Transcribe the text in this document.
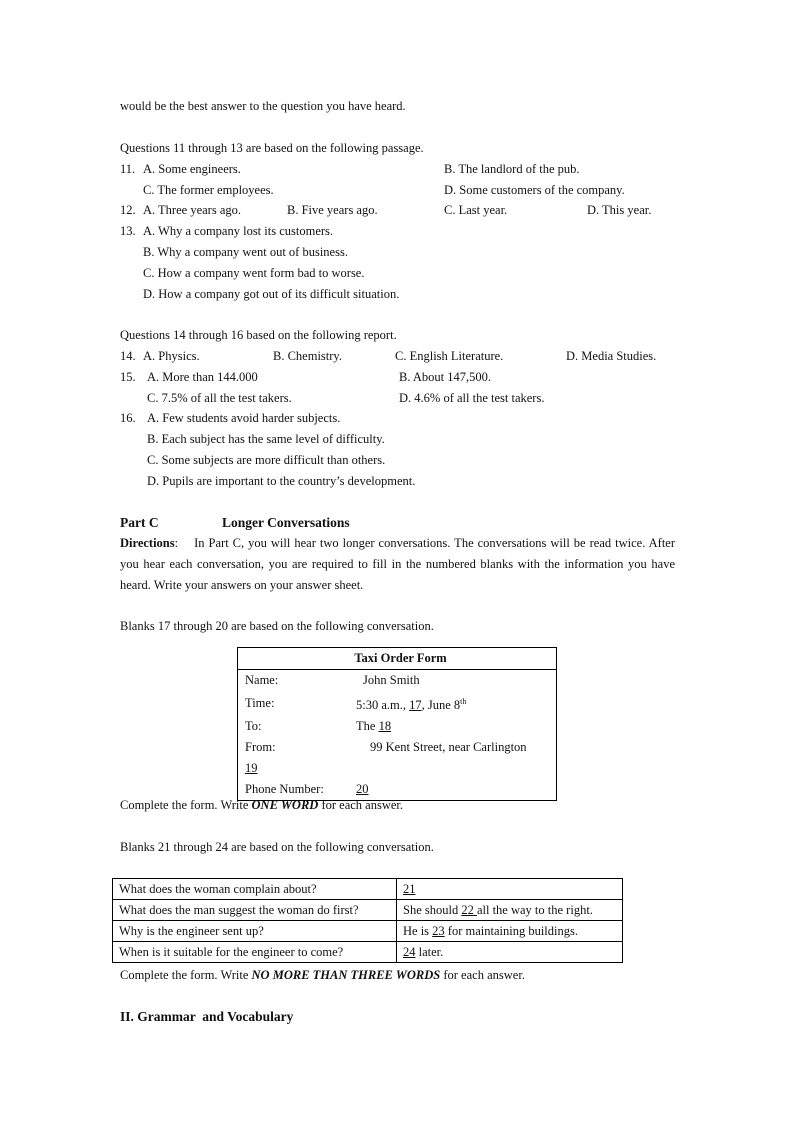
would be the best answer to the question you have heard.
Questions 11 through 13 are based on the following passage.
11. A. Some engineers.	B. The landlord of the pub.
C. The former employees.	D. Some customers of the company.
12. A. Three years ago.	B. Five years ago.	C. Last year.	D. This year.
13. A. Why a company lost its customers.
B. Why a company went out of business.
C. How a company went form bad to worse.
D. How a company got out of its difficult situation.
Questions 14 through 16 based on the following report.
14. A. Physics.	B. Chemistry.	C. English Literature.	D. Media Studies.
15. A. More than 144.000	B. About 147,500.
C. 7.5% of all the test takers.	D. 4.6% of all the test takers.
16. A. Few students avoid harder subjects.
B. Each subject has the same level of difficulty.
C. Some subjects are more difficult than others.
D. Pupils are important to the country’s development.
Part C	Longer Conversations
Directions: In Part C, you will hear two longer conversations. The conversations will be read twice. After you hear each conversation, you are required to fill in the numbered blanks with the information you have heard. Write your answers on your answer sheet.
Blanks 17 through 20 are based on the following conversation.
Taxi Order Form	
Name:	John Smith
Time:	5:30 a.m., 17, June 8th
To:	The 18
From:	99 Kent Street, near Carlington
19	
Phone Number:	20
Complete the form. Write ONE WORD for each answer.
Blanks 21 through 24 are based on the following conversation.
What does the woman complain about?	21
What does the man suggest the woman do first?	She should 22 all the way to the right.
Why is the engineer sent up?	He is 23 for maintaining buildings.
When is it suitable for the engineer to come?	24 later.
Complete the form. Write NO MORE THAN THREE WORDS for each answer.
II. Grammar  and Vocabulary
